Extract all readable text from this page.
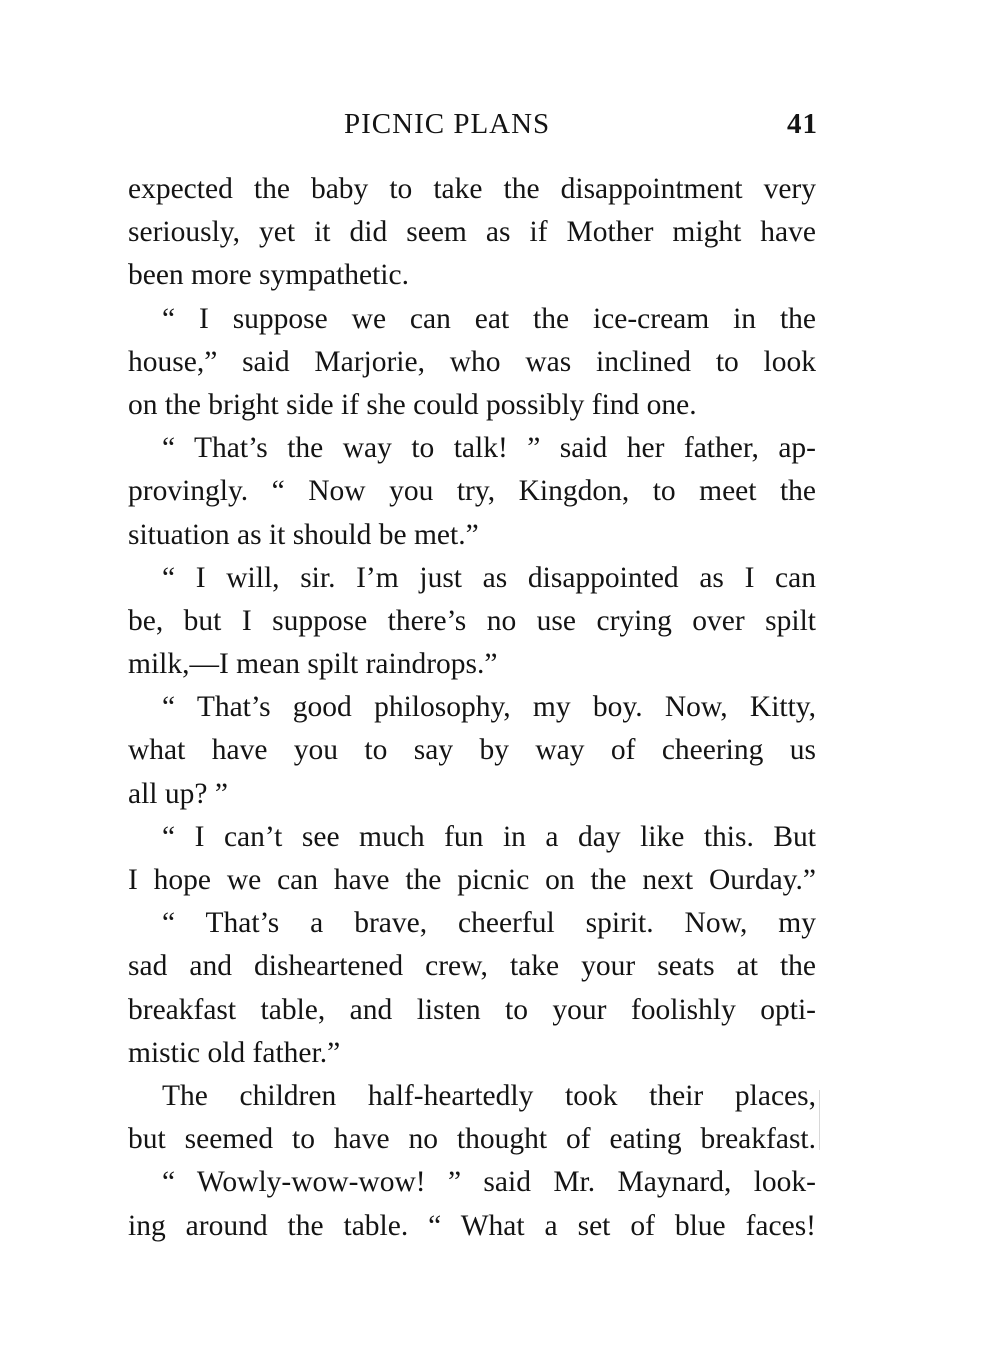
PICNIC PLANS	41
expected the baby to take the disappointment very
seriously, yet it did seem as if Mother might have
been more sympathetic.
“ I suppose we can eat the ice-cream in the
house,” said Marjorie, who was inclined to look
on the bright side if she could possibly find one.
“ That’s the way to talk! ” said her father, ap-
provingly. “ Now you try, Kingdon, to meet the
situation as it should be met.”
“ I will, sir. I’m just as disappointed as I can
be, but I suppose there’s no use crying over spilt
milk,—I mean spilt raindrops.”
“ That’s good philosophy, my boy. Now, Kitty,
what have you to say by way of cheering us
all up? ”
“ I can’t see much fun in a day like this. But
I hope we can have the picnic on the next Ourday.”
“ That’s a brave, cheerful spirit. Now, my
sad and disheartened crew, take your seats at the
breakfast table, and listen to your foolishly opti-
mistic old father.”
The children half-heartedly took their places,
but seemed to have no thought of eating breakfast.
“ Wowly-wow-wow! ” said Mr. Maynard, look-
ing around the table. “ What a set of blue faces!
